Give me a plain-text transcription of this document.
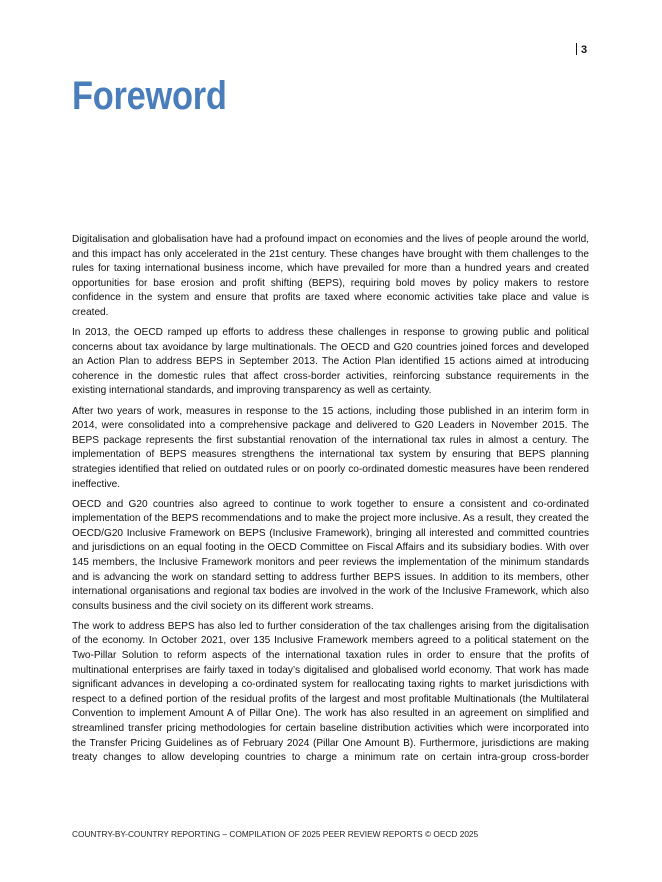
3
Foreword

Digitalisation and globalisation have had a profound impact on economies and the lives of people around the world, and this impact has only accelerated in the 21st century. These changes have brought with them challenges to the rules for taxing international business income, which have prevailed for more than a hundred years and created opportunities for base erosion and profit shifting (BEPS), requiring bold moves by policy makers to restore confidence in the system and ensure that profits are taxed where economic activities take place and value is created.

In 2013, the OECD ramped up efforts to address these challenges in response to growing public and political concerns about tax avoidance by large multinationals. The OECD and G20 countries joined forces and developed an Action Plan to address BEPS in September 2013. The Action Plan identified 15 actions aimed at introducing coherence in the domestic rules that affect cross-border activities, reinforcing substance requirements in the existing international standards, and improving transparency as well as certainty.

After two years of work, measures in response to the 15 actions, including those published in an interim form in 2014, were consolidated into a comprehensive package and delivered to G20 Leaders in November 2015. The BEPS package represents the first substantial renovation of the international tax rules in almost a century. The implementation of BEPS measures strengthens the international tax system by ensuring that BEPS planning strategies identified that relied on outdated rules or on poorly co-ordinated domestic measures have been rendered ineffective.

OECD and G20 countries also agreed to continue to work together to ensure a consistent and co-ordinated implementation of the BEPS recommendations and to make the project more inclusive. As a result, they created the OECD/G20 Inclusive Framework on BEPS (Inclusive Framework), bringing all interested and committed countries and jurisdictions on an equal footing in the OECD Committee on Fiscal Affairs and its subsidiary bodies. With over 145 members, the Inclusive Framework monitors and peer reviews the implementation of the minimum standards and is advancing the work on standard setting to address further BEPS issues. In addition to its members, other international organisations and regional tax bodies are involved in the work of the Inclusive Framework, which also consults business and the civil society on its different work streams.

The work to address BEPS has also led to further consideration of the tax challenges arising from the digitalisation of the economy. In October 2021, over 135 Inclusive Framework members agreed to a political statement on the Two-Pillar Solution to reform aspects of the international taxation rules in order to ensure that the profits of multinational enterprises are fairly taxed in today’s digitalised and globalised world economy. That work has made significant advances in developing a co-ordinated system for reallocating taxing rights to market jurisdictions with respect to a defined portion of the residual profits of the largest and most profitable Multinationals (the Multilateral Convention to implement Amount A of Pillar One). The work has also resulted in an agreement on simplified and streamlined transfer pricing methodologies for certain baseline distribution activities which were incorporated into the Transfer Pricing Guidelines as of February 2024 (Pillar One Amount B). Furthermore, jurisdictions are making treaty changes to allow developing countries to charge a minimum rate on certain intra-group cross-border

COUNTRY-BY-COUNTRY REPORTING – COMPILATION OF 2025 PEER REVIEW REPORTS © OECD 2025
